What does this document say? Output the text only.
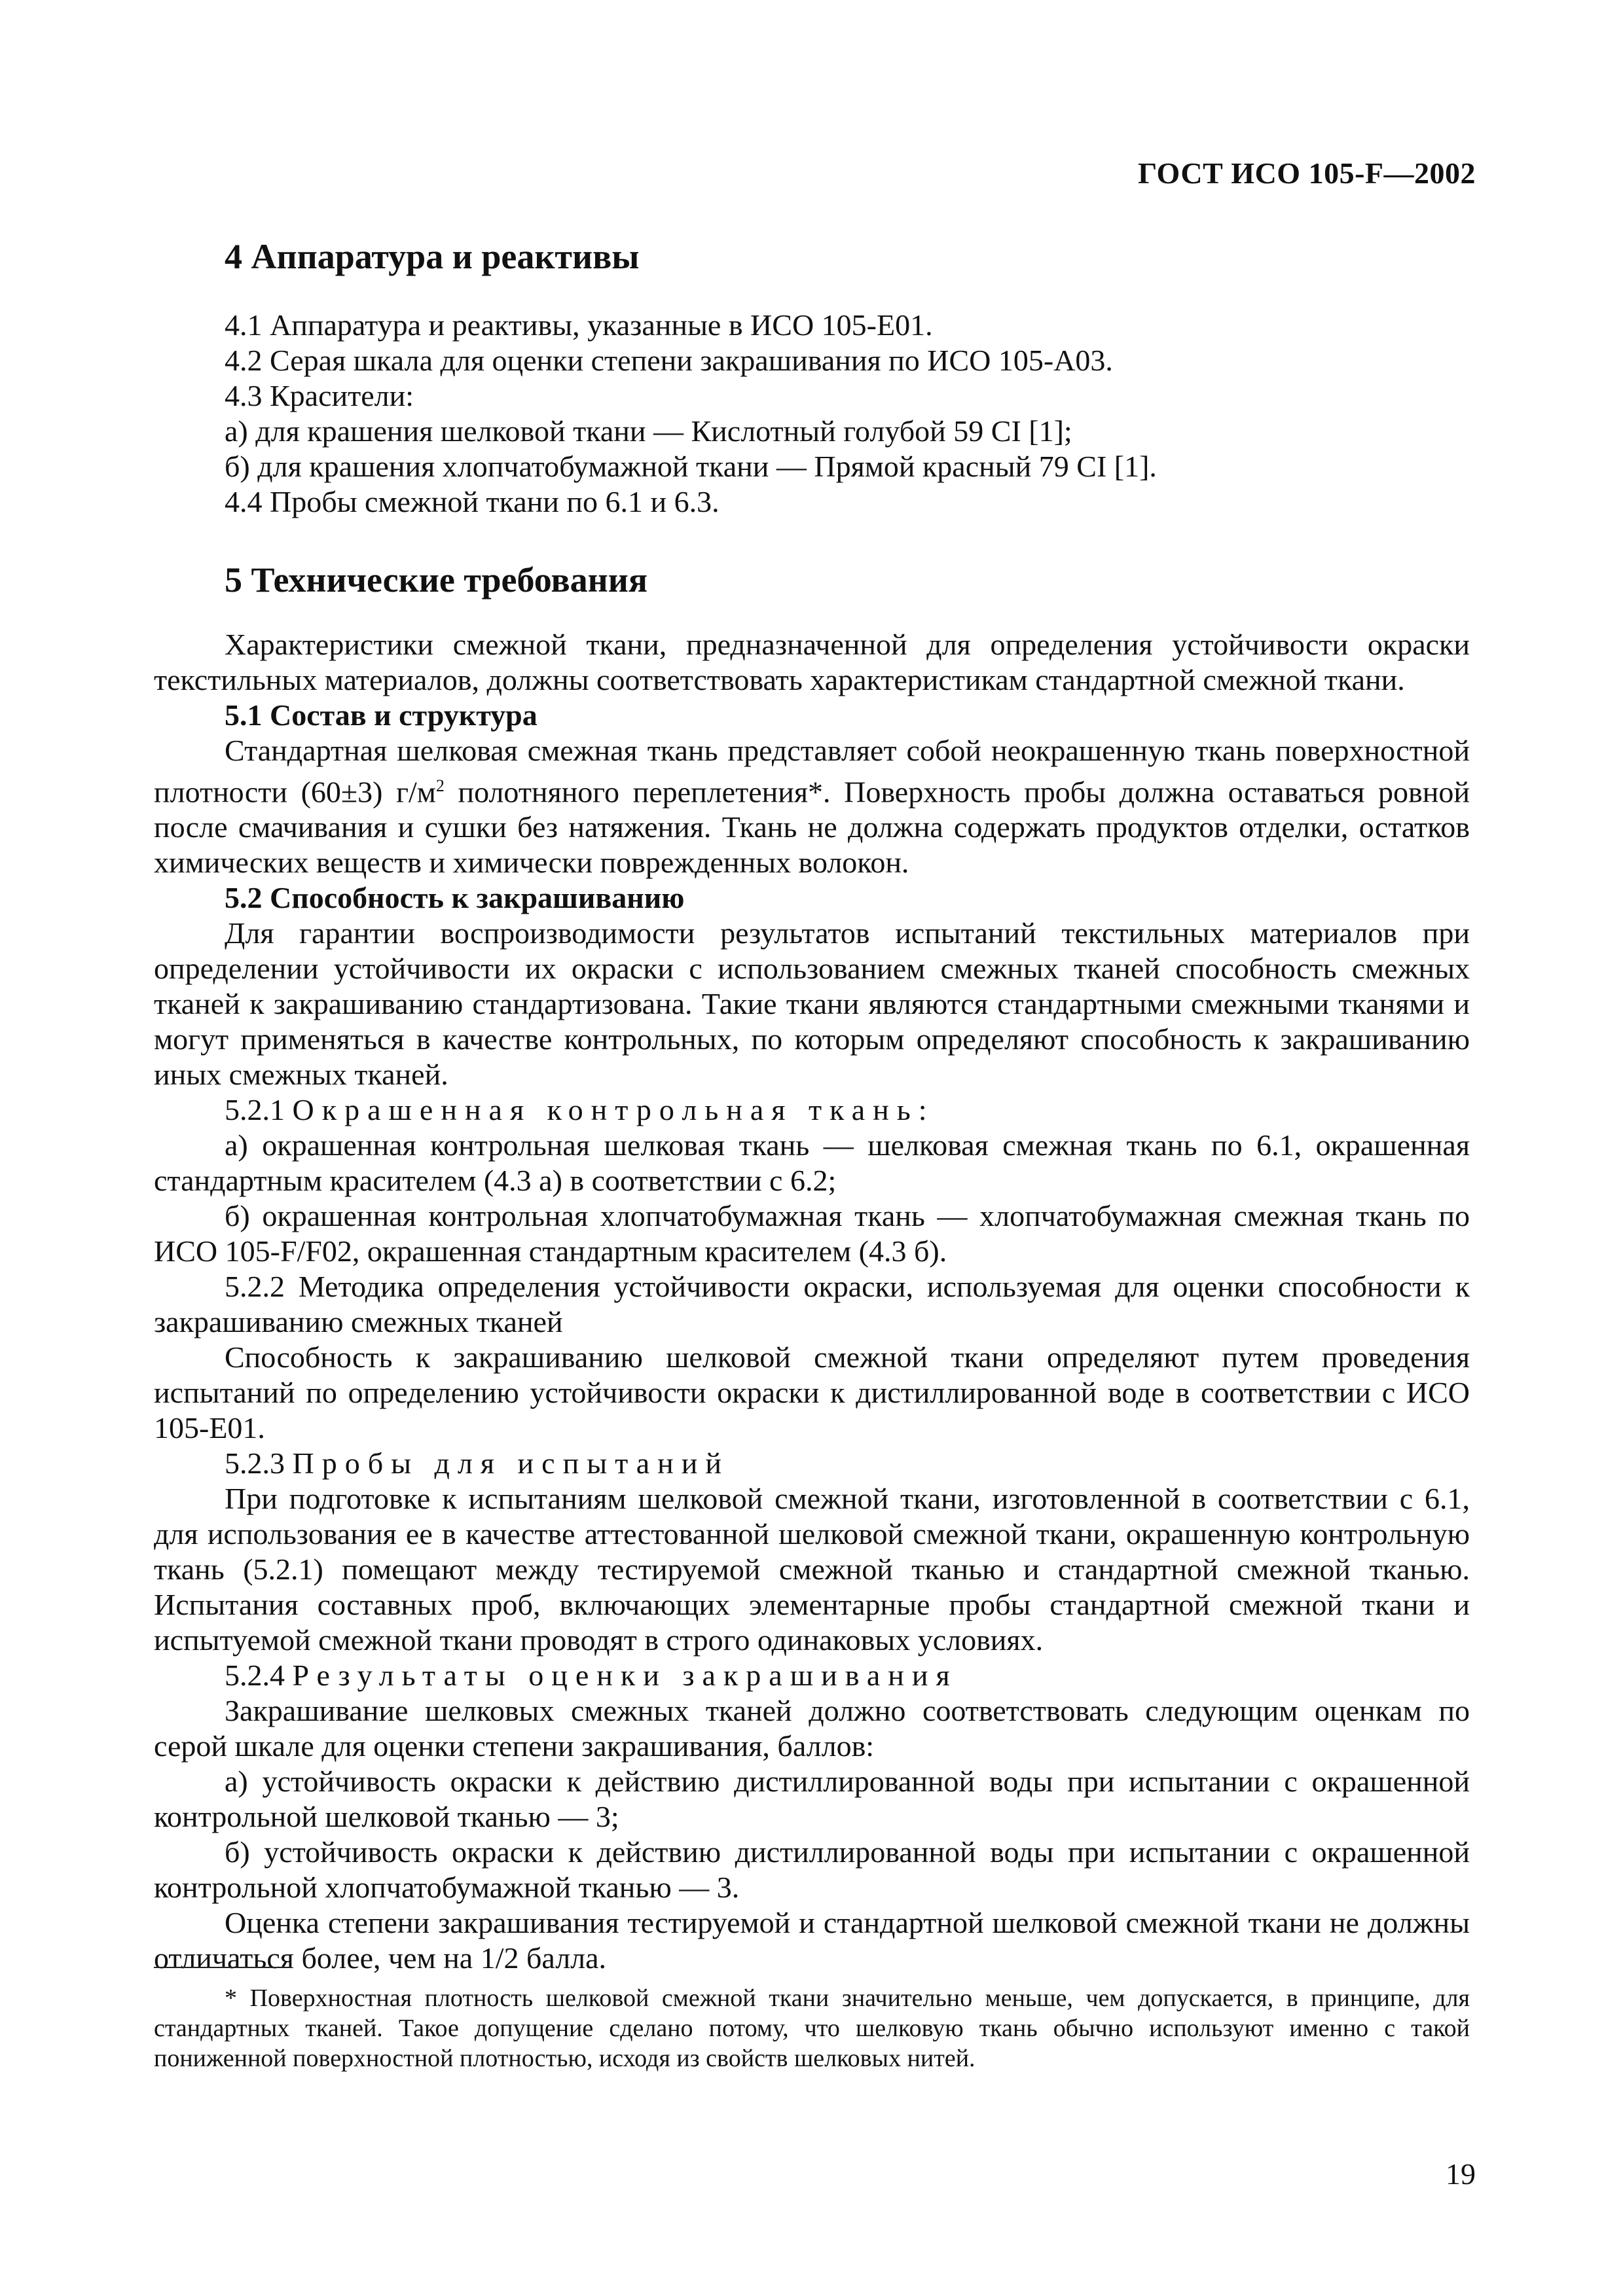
ГОСТ ИСО 105-F—2002
4 Аппаратура и реактивы
4.1 Аппаратура и реактивы, указанные в ИСО 105-Е01.
4.2 Серая шкала для оценки степени закрашивания по ИСО 105-А03.
4.3 Красители:
а) для крашения шелковой ткани — Кислотный голубой 59 CI [1];
б) для крашения хлопчатобумажной ткани — Прямой красный 79 CI [1].
4.4 Пробы смежной ткани по 6.1 и 6.3.
5 Технические требования

Характеристики смежной ткани, предназначенной для определения устойчивости окраски текстильных материалов, должны соответствовать характеристикам стандартной смежной ткани.

5.1 Состав и структура

Стандартная шелковая смежная ткань представляет собой неокрашенную ткань поверхностной плотности (60±3) $г/м^2$ полотняного переплетения*. Поверхность пробы должна оставаться ровной после смачивания и сушки без натяжения. Ткань не должна содержать продуктов отделки, остатков химических веществ и химически поврежденных волокон.

5.2 Способность к закрашиванию

Для гарантии воспроизводимости результатов испытаний текстильных материалов при определении устойчивости их окраски с использованием смежных тканей способность смежных тканей к закрашиванию стандартизована. Такие ткани являются стандартными смежными тканями и могут применяться в качестве контрольных, по которым определяют способность к закрашиванию иных смежных тканей.

5.2.1 Окрашенная контрольная ткань:

а) окрашенная контрольная шелковая ткань — шелковая смежная ткань по 6.1, окрашенная стандартным красителем (4.3 а) в соответствии с 6.2;

б) окрашенная контрольная хлопчатобумажная ткань — хлопчатобумажная смежная ткань по ИСО 105-F/F02, окрашенная стандартным красителем (4.3 б).

5.2.2 Методика определения устойчивости окраски, используемая для оценки способности к закрашиванию смежных тканей

Способность к закрашиванию шелковой смежной ткани определяют путем проведения испытаний по определению устойчивости окраски к дистиллированной воде в соответствии с ИСО 105-Е01.

5.2.3 Пробы для испытаний

При подготовке к испытаниям шелковой смежной ткани, изготовленной в соответствии с 6.1, для использования ее в качестве аттестованной шелковой смежной ткани, окрашенную контрольную ткань (5.2.1) помещают между тестируемой смежной тканью и стандартной смежной тканью. Испытания составных проб, включающих элементарные пробы стандартной смежной ткани и испытуемой смежной ткани проводят в строго одинаковых условиях.

5.2.4 Результаты оценки закрашивания

Закрашивание шелковых смежных тканей должно соответствовать следующим оценкам по серой шкале для оценки степени закрашивания, баллов:

а) устойчивость окраски к действию дистиллированной воды при испытании с окрашенной контрольной шелковой тканью — 3;

б) устойчивость окраски к действию дистиллированной воды при испытании с окрашенной контрольной хлопчатобумажной тканью — 3.

Оценка степени закрашивания тестируемой и стандартной шелковой смежной ткани не должны отличаться более, чем на 1/2 балла.

* Поверхностная плотность шелковой смежной ткани значительно меньше, чем допускается, в принципе, для стандартных тканей. Такое допущение сделано потому, что шелковую ткань обычно используют именно с такой пониженной поверхностной плотностью, исходя из свойств шелковых нитей.
19
